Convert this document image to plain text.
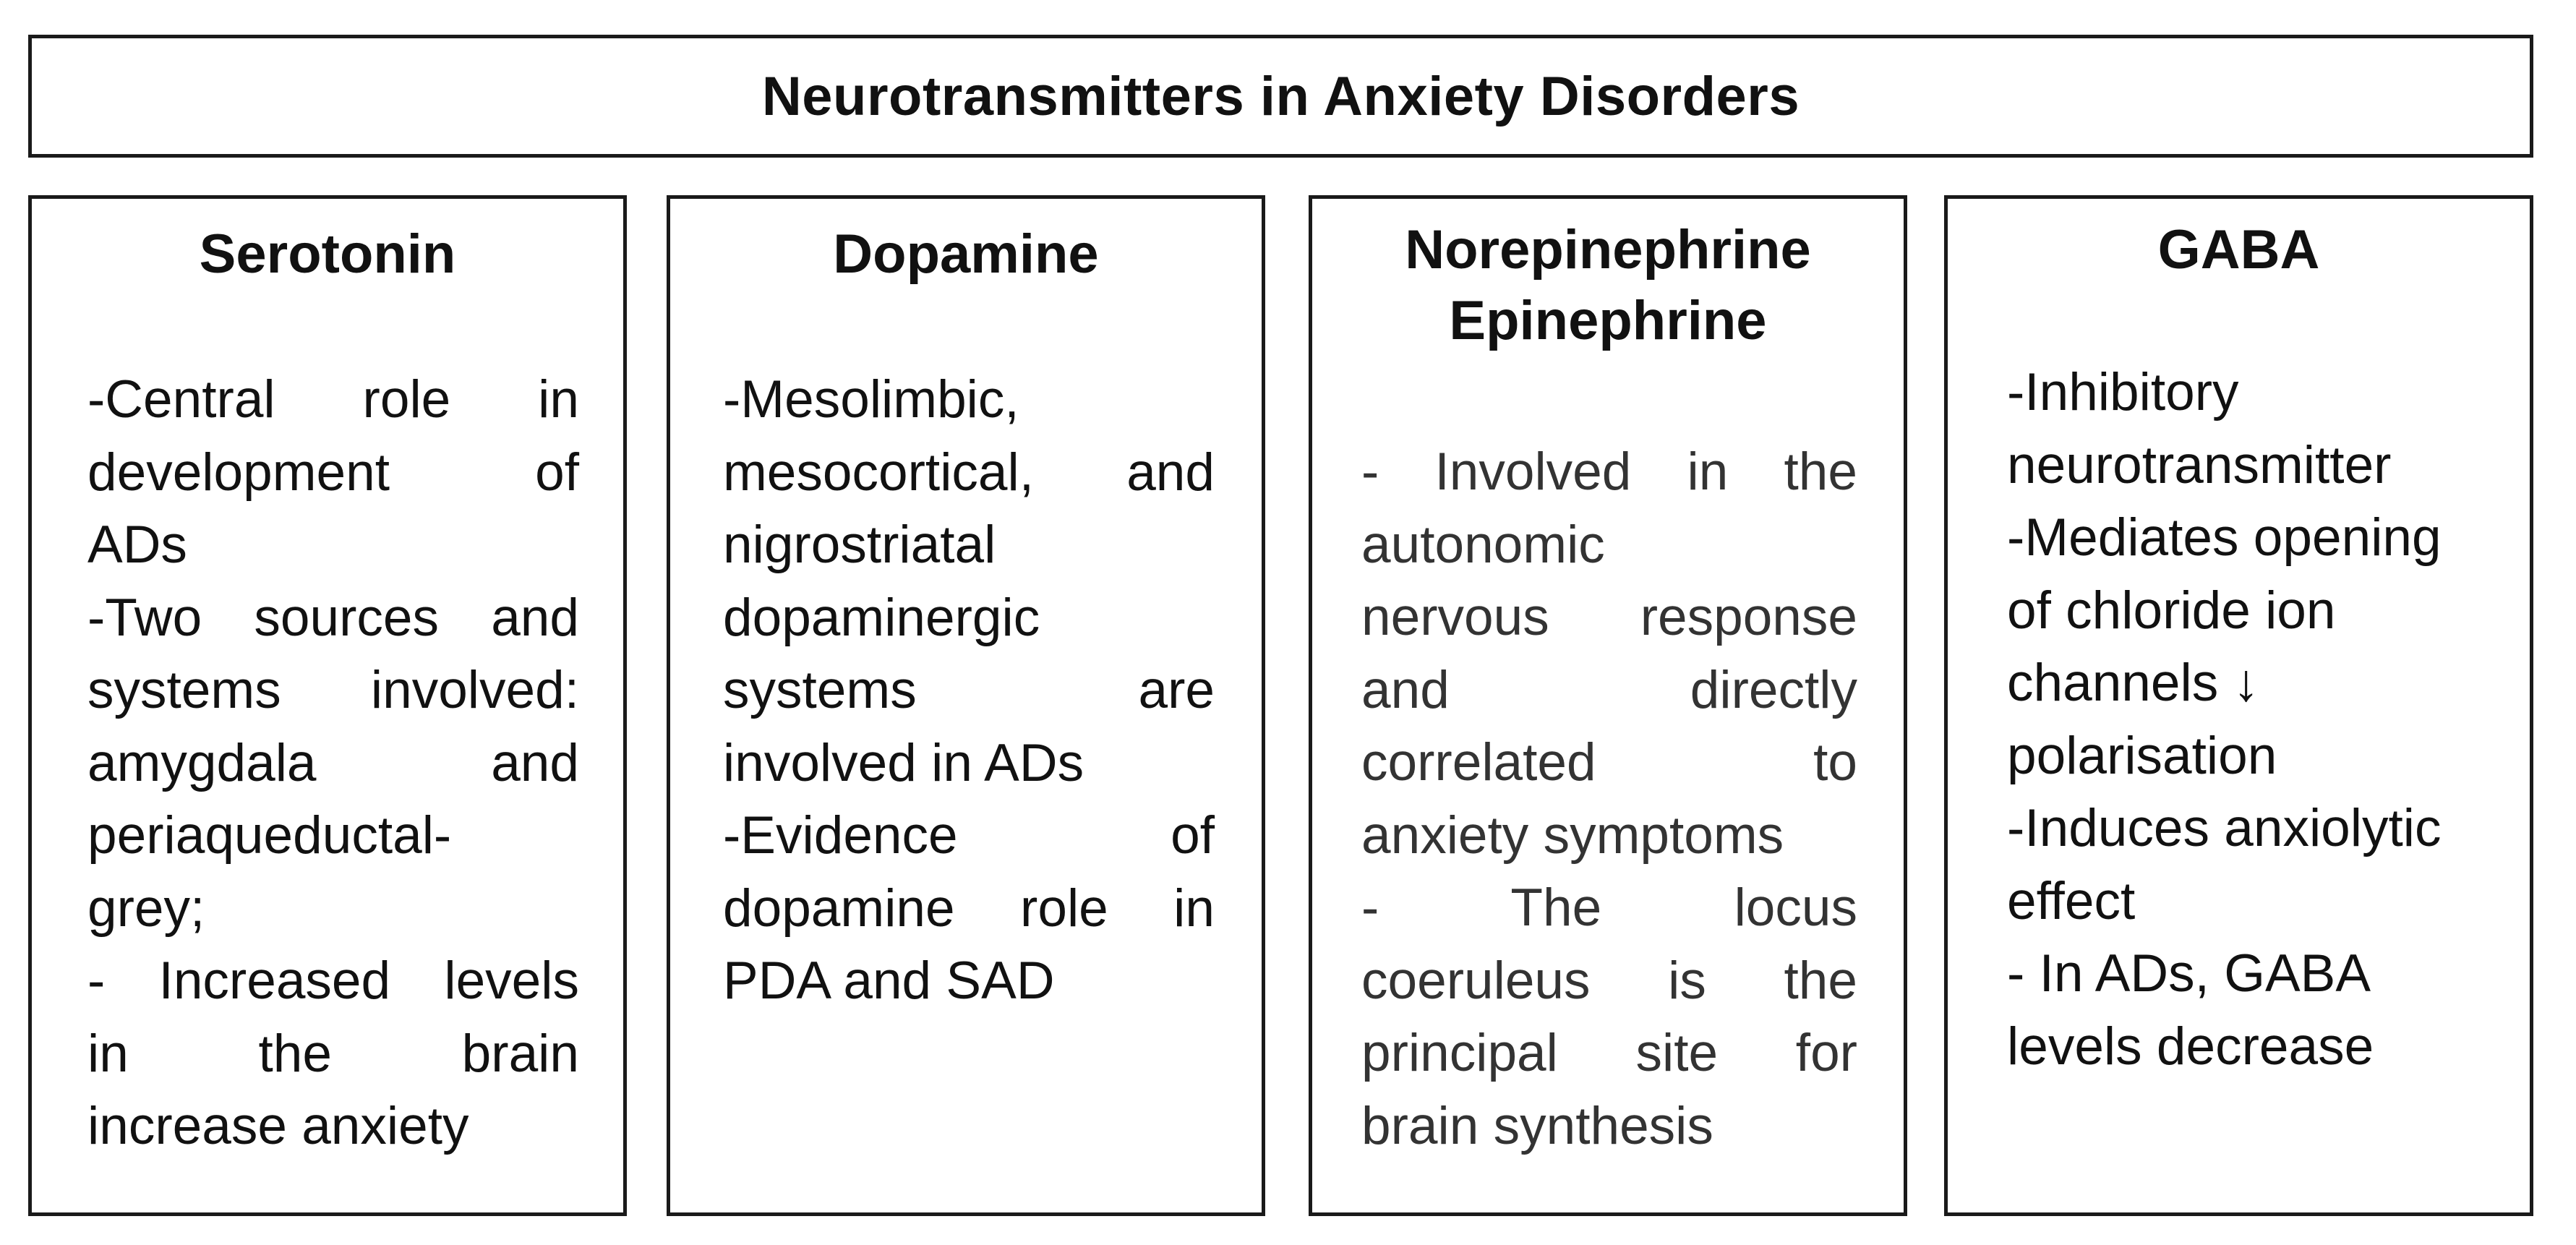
Neurotransmitters in Anxiety Disorders
Serotonin
-Central role in
development of
ADs
-Two sources and
systems involved:
amygdala and
periaqueductal-
grey;
- Increased levels
in the brain
increase anxiety
Dopamine
-Mesolimbic,
mesocortical, and
nigrostriatal
dopaminergic
systems are
involved in ADs
-Evidence of
dopamine role in
PDA and SAD
Norepinephrine
Epinephrine
- Involved in the
autonomic
nervous response
and directly
correlated to
anxiety symptoms
- The locus
coeruleus is the
principal site for
brain synthesis
GABA
-Inhibitory
neurotransmitter
-Mediates opening
of chloride ion
channels ↓
polarisation
-Induces anxiolytic
effect
- In ADs, GABA
levels decrease
